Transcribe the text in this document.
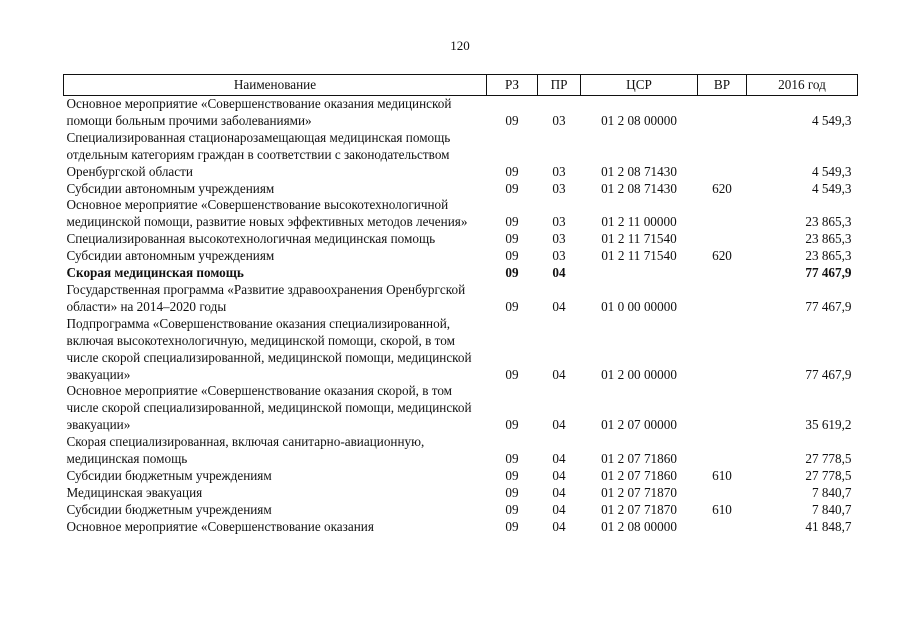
120
Наименование	РЗ	ПР	ЦСР	ВР	2016 год
Основное мероприятие «Совершенствование оказания медицинской помощи больным прочими заболеваниями»	09	03	01 2 08 00000		4 549,3
Специализированная стационарозамещающая медицинская помощь отдельным категориям граждан в соответствии с законодательством Оренбургской области	09	03	01 2 08 71430		4 549,3
Субсидии автономным учреждениям	09	03	01 2 08 71430	620	4 549,3
Основное мероприятие «Совершенствование высокотехнологичной медицинской помощи, развитие новых эффективных методов лечения»	09	03	01 2 11 00000		23 865,3
Специализированная высокотехнологичная медицинская помощь	09	03	01 2 11 71540		23 865,3
Субсидии автономным учреждениям	09	03	01 2 11 71540	620	23 865,3
Скорая медицинская помощь	09	04			77 467,9
Государственная программа «Развитие здравоохранения Оренбургской области» на 2014–2020 годы	09	04	01 0 00 00000		77 467,9
Подпрограмма «Совершенствование оказания специализированной, включая высокотехнологичную, медицинской помощи, скорой, в том числе скорой специализированной, медицинской помощи, медицинской эвакуации»	09	04	01 2 00 00000		77 467,9
Основное мероприятие «Совершенствование оказания скорой, в том числе скорой специализированной, медицинской помощи, медицинской эвакуации»	09	04	01 2 07 00000		35 619,2
Скорая специализированная, включая санитарно-авиационную, медицинская помощь	09	04	01 2 07 71860		27 778,5
Субсидии бюджетным учреждениям	09	04	01 2 07 71860	610	27 778,5
Медицинская эвакуация	09	04	01 2 07 71870		7 840,7
Субсидии бюджетным учреждениям	09	04	01 2 07 71870	610	7 840,7
Основное мероприятие «Совершенствование оказания	09	04	01 2 08 00000		41 848,7
